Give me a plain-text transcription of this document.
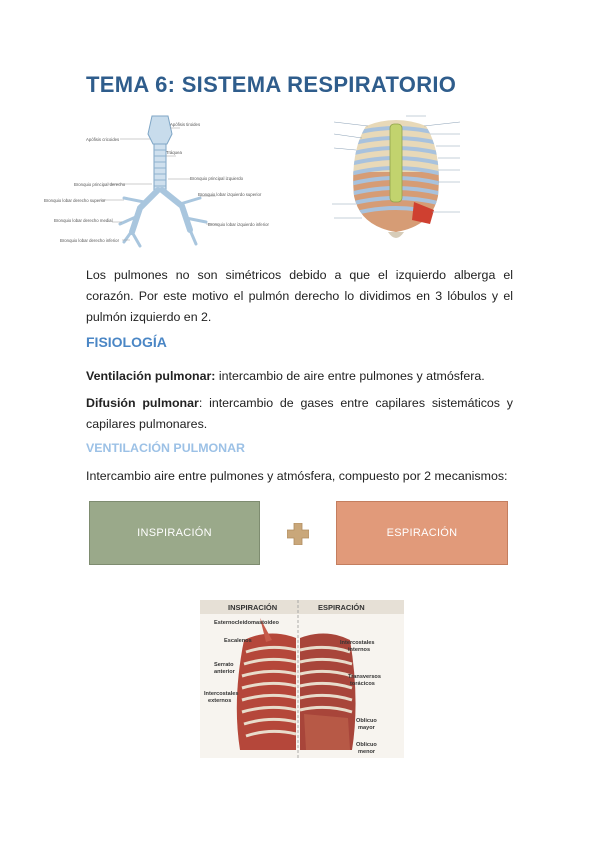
TEMA 6: SISTEMA RESPIRATORIO
Apófisis cricoides
Apófisis tiroides
Tráquea
Bronquio principal derecho
Bronquio principal izquierdo
Bronquio lobar derecho superior
Bronquio lobar izquierdo superior
Bronquio lobar derecho medial
Bronquio lobar izquierdo inferior
Bronquio lobar derecho inferior

Los pulmones no son simétricos debido a que el izquierdo alberga el corazón. Por este motivo el pulmón derecho lo dividimos en 3 lóbulos y el pulmón izquierdo en 2.

FISIOLOGÍA

Ventilación pulmonar: intercambio de aire entre pulmones y atmósfera.

Difusión pulmonar: intercambio de gases entre capilares sistemáticos y capilares pulmonares.

VENTILACIÓN PULMONAR

Intercambio aire entre pulmones y atmósfera, compuesto por 2 mecanismos:

INSPIRACIÓN	ESPIRACIÓN
INSPIRACIÓN	ESPIRACIÓN
Esternocleidomastoideo
Escalenos
Serrato
anterior
Intercostales
externos
Intercostales
internos
Transversos
torácicos
Oblicuo
mayor
Oblicuo
menor
